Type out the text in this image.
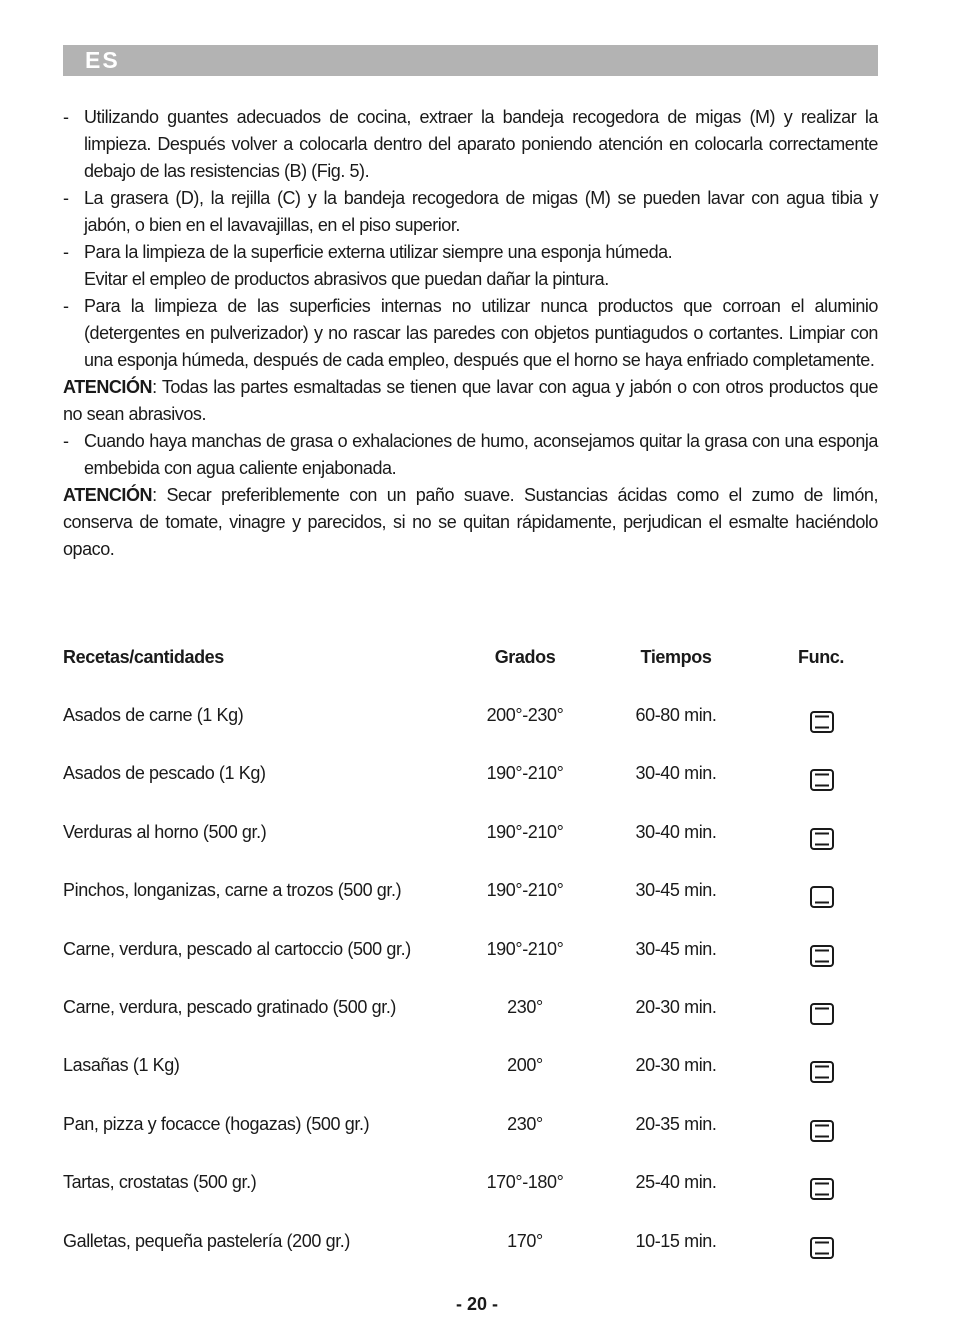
ES
- Utilizando guantes adecuados de cocina, extraer la bandeja recogedora de migas (M) y realizar la limpieza. Después volver a colocarla dentro del aparato poniendo atención en colocarla correctamente debajo de las resistencias (B) (Fig. 5).
- La grasera (D), la rejilla (C) y la bandeja recogedora de migas (M) se pueden lavar con agua tibia y jabón, o bien en el lavavajillas, en el piso superior.
- Para la limpieza de la superficie externa utilizar siempre una esponja húmeda.
Evitar el empleo de productos abrasivos que puedan dañar la pintura.
- Para la limpieza de las superficies internas no utilizar nunca productos que corroan el aluminio (detergentes en pulverizador) y no rascar las paredes con objetos puntiagudos o cortantes. Limpiar con una esponja húmeda, después de cada empleo, después que el horno se haya enfriado completamente.
ATENCIÓN: Todas las partes esmaltadas se tienen que lavar con agua y jabón o con otros productos que no sean abrasivos.
- Cuando haya manchas de grasa o exhalaciones de humo, aconsejamos quitar la grasa con una esponja embebida con agua caliente enjabonada.
ATENCIÓN: Secar preferiblemente con un paño suave. Sustancias ácidas como el zumo de limón, conserva de tomate, vinagre y parecidos, si no se quitan rápidamente, perjudican el esmalte haciéndolo opaco.
Recetas/cantidades	Grados	Tiempos	Func.
Asados de carne (1 Kg)	200°-230°	60-80 min.
Asados de pescado (1 Kg)	190°-210°	30-40 min.
Verduras al horno (500 gr.)	190°-210°	30-40 min.
Pinchos, longanizas, carne a trozos (500 gr.)	190°-210°	30-45 min.
Carne, verdura, pescado al cartoccio (500 gr.)	190°-210°	30-45 min.
Carne, verdura, pescado gratinado (500 gr.)	230°	20-30 min.
Lasañas (1 Kg)	200°	20-30 min.
Pan, pizza y focacce (hogazas) (500 gr.)	230°	20-35 min.
Tartas, crostatas (500 gr.)	170°-180°	25-40 min.
Galletas, pequeña pastelería (200 gr.)	170°	10-15 min.
- 20 -
